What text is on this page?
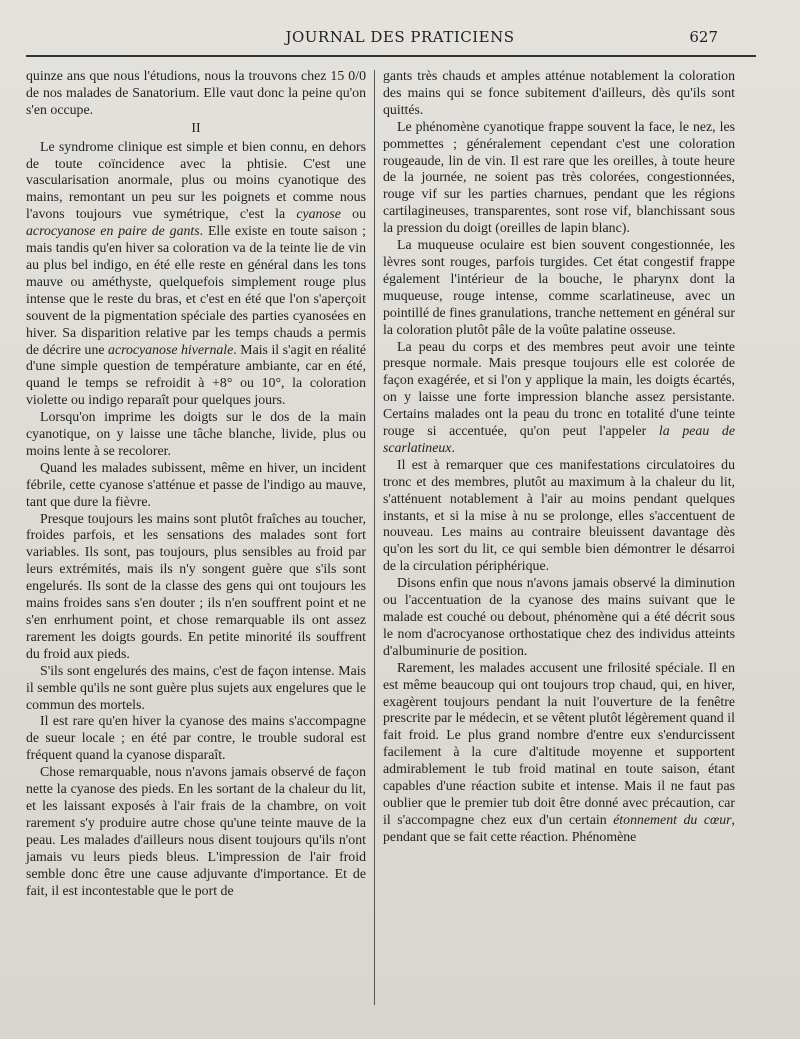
JOURNAL DES PRATICIENS	627

quinze ans que nous l'étudions, nous la trouvons chez 15 0/0 de nos malades de Sanatorium. Elle vaut donc la peine qu'on s'en occupe.

II

Le syndrome clinique est simple et bien connu, en dehors de toute coïncidence avec la phtisie. C'est une vascularisation anormale, plus ou moins cyanotique des mains, remontant un peu sur les poignets et comme nous l'avons toujours vue symétrique, c'est la cyanose ou acrocyanose en paire de gants. Elle existe en toute saison ; mais tandis qu'en hiver sa coloration va de la teinte lie de vin au plus bel indigo, en été elle reste en général dans les tons mauve ou améthyste, quelquefois simplement rouge plus intense que le reste du bras, et c'est en été que l'on s'aperçoit souvent de la pigmentation spéciale des parties cyanosées en hiver. Sa disparition relative par les temps chauds a permis de décrire une acrocyanose hivernale. Mais il s'agit en réalité d'une simple question de température ambiante, car en été, quand le temps se refroidit à +8° ou 10°, la coloration violette ou indigo reparaît pour quelques jours.

Lorsqu'on imprime les doigts sur le dos de la main cyanotique, on y laisse une tâche blanche, livide, plus ou moins lente à se recolorer.

Quand les malades subissent, même en hiver, un incident fébrile, cette cyanose s'atténue et passe de l'indigo au mauve, tant que dure la fièvre.

Presque toujours les mains sont plutôt fraîches au toucher, froides parfois, et les sensations des malades sont fort variables. Ils sont, pas toujours, plus sensibles au froid par leurs extrémités, mais ils n'y songent guère que s'ils sont engelurés. Ils sont de la classe des gens qui ont toujours les mains froides sans s'en douter ; ils n'en souffrent point et ne s'en enrhument point, et chose remarquable ils ont assez rarement les doigts gourds. En petite minorité ils souffrent du froid aux pieds.

S'ils sont engelurés des mains, c'est de façon intense. Mais il semble qu'ils ne sont guère plus sujets aux engelures que le commun des mortels.

Il est rare qu'en hiver la cyanose des mains s'accompagne de sueur locale ; en été par contre, le trouble sudoral est fréquent quand la cyanose disparaît.

Chose remarquable, nous n'avons jamais observé de façon nette la cyanose des pieds. En les sortant de la chaleur du lit, et les laissant exposés à l'air frais de la chambre, on voit rarement s'y produire autre chose qu'une teinte mauve de la peau. Les malades d'ailleurs nous disent toujours qu'ils n'ont jamais vu leurs pieds bleus. L'impression de l'air froid semble donc être une cause adjuvante d'importance. Et de fait, il est incontestable que le port de

gants très chauds et amples atténue notablement la coloration des mains qui se fonce subitement d'ailleurs, dès qu'ils sont quittés.

Le phénomène cyanotique frappe souvent la face, le nez, les pommettes ; généralement cependant c'est une coloration rougeaude, lin de vin. Il est rare que les oreilles, à toute heure de la journée, ne soient pas très colorées, congestionnées, rouge vif sur les parties charnues, pendant que les régions cartilagineuses, transparentes, sont rose vif, blanchissant sous la pression du doigt (oreilles de lapin blanc).

La muqueuse oculaire est bien souvent congestionnée, les lèvres sont rouges, parfois turgides. Cet état congestif frappe également l'intérieur de la bouche, le pharynx dont la muqueuse, rouge intense, comme scarlatineuse, avec un pointillé de fines granulations, tranche nettement en général sur la coloration plutôt pâle de la voûte palatine osseuse.

La peau du corps et des membres peut avoir une teinte presque normale. Mais presque toujours elle est colorée de façon exagérée, et si l'on y applique la main, les doigts écartés, on y laisse une forte impression blanche assez persistante. Certains malades ont la peau du tronc en totalité d'une teinte rouge si accentuée, qu'on peut l'appeler la peau de scarlatineux.

Il est à remarquer que ces manifestations circulatoires du tronc et des membres, plutôt au maximum à la chaleur du lit, s'atténuent notablement à l'air au moins pendant quelques instants, et si la mise à nu se prolonge, elles s'accentuent de nouveau. Les mains au contraire bleuissent davantage dès qu'on les sort du lit, ce qui semble bien démontrer le désarroi de la circulation périphérique.

Disons enfin que nous n'avons jamais observé la diminution ou l'accentuation de la cyanose des mains suivant que le malade est couché ou debout, phénomène qui a été décrit sous le nom d'acrocyanose orthostatique chez des individus atteints d'albuminurie de position.

Rarement, les malades accusent une frilosité spéciale. Il en est même beaucoup qui ont toujours trop chaud, qui, en hiver, exagèrent toujours pendant la nuit l'ouverture de la fenêtre prescrite par le médecin, et se vêtent plutôt légèrement quand il fait froid. Le plus grand nombre d'entre eux s'endurcissent facilement à la cure d'altitude moyenne et supportent admirablement le tub froid matinal en toute saison, étant capables d'une réaction subite et intense. Mais il ne faut pas oublier que le premier tub doit être donné avec précaution, car il s'accompagne chez eux d'un certain étonnement du cœur, pendant que se fait cette réaction. Phénomène
